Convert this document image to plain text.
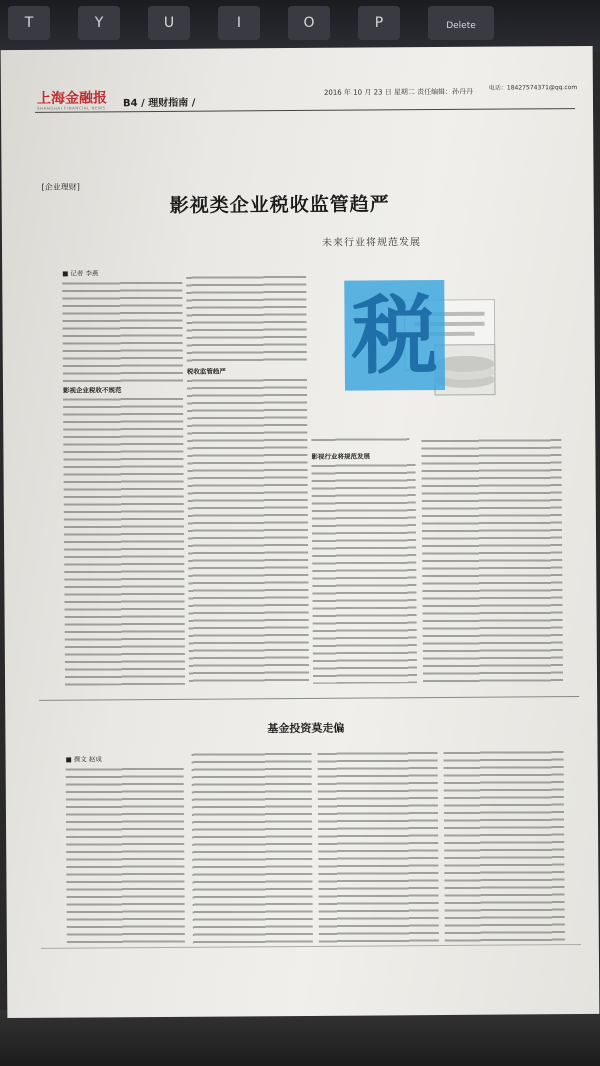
T	Y	U	I	O	P	Delete
上海金融报
SHANGHAI FINANCIAL NEWS B4 / 理财指南 /
2016 年 10 月 23 日 星期二 责任编辑：孙丹丹	电话：18427574371@qq.com
[企业理财]
影视类企业税收监管趋严
未来行业将规范发展
■ 记者 李燕
影视企业税收不规范
税收监管趋严
影视行业将规范发展
税
基金投资莫走偏
■ 撰文 赵成
